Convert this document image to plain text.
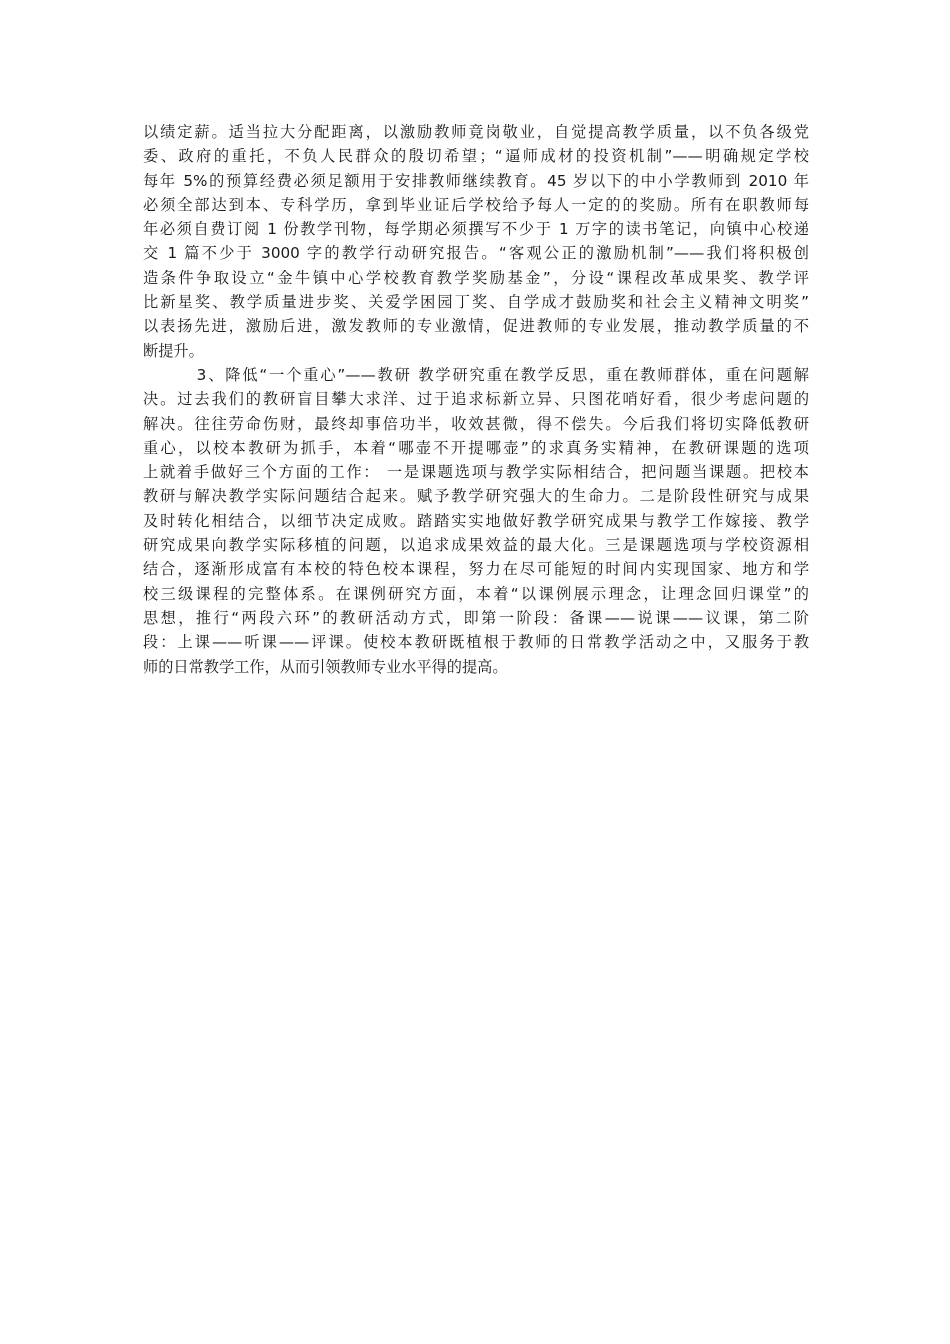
以绩定薪。适当拉大分配距离，以激励教师竟岗敬业，自觉提高教学质量，以不负各级党
委、政府的重托，不负人民群众的殷切希望；“逼师成材的投资机制”——明确规定学校
每年 5%的预算经费必须足额用于安排教师继续教育。45 岁以下的中小学教师到 2010 年
必须全部达到本、专科学历，拿到毕业证后学校给予每人一定的的奖励。所有在职教师每
年必须自费订阅 1 份教学刊物，每学期必须撰写不少于 1 万字的读书笔记，向镇中心校递
交 1 篇不少于 3000 字的教学行动研究报告。“客观公正的激励机制”——我们将积极创
造条件争取设立“金牛镇中心学校教育教学奖励基金”，分设“课程改革成果奖、教学评
比新星奖、教学质量进步奖、关爱学困园丁奖、自学成才鼓励奖和社会主义精神文明奖”
以表扬先进，激励后进，激发教师的专业激情，促进教师的专业发展，推动教学质量的不
断提升。
3、降低“一个重心”——教研 教学研究重在教学反思，重在教师群体，重在问题解
决。过去我们的教研盲目攀大求洋、过于追求标新立异、只图花哨好看，很少考虑问题的
解决。往往劳命伤财，最终却事倍功半，收效甚微，得不偿失。今后我们将切实降低教研
重心，以校本教研为抓手，本着“哪壶不开提哪壶”的求真务实精神，在教研课题的选项
上就着手做好三个方面的工作： 一是课题选项与教学实际相结合，把问题当课题。把校本
教研与解决教学实际问题结合起来。赋予教学研究强大的生命力。二是阶段性研究与成果
及时转化相结合，以细节决定成败。踏踏实实地做好教学研究成果与教学工作嫁接、教学
研究成果向教学实际移植的问题，以追求成果效益的最大化。三是课题选项与学校资源相
结合，逐渐形成富有本校的特色校本课程，努力在尽可能短的时间内实现国家、地方和学
校三级课程的完整体系。在课例研究方面，本着“以课例展示理念，让理念回归课堂”的
思想，推行“两段六环”的教研活动方式，即第一阶段：备课——说课——议课，第二阶
段：上课——听课——评课。使校本教研既植根于教师的日常教学活动之中，又服务于教
师的日常教学工作，从而引领教师专业水平得的提高。
